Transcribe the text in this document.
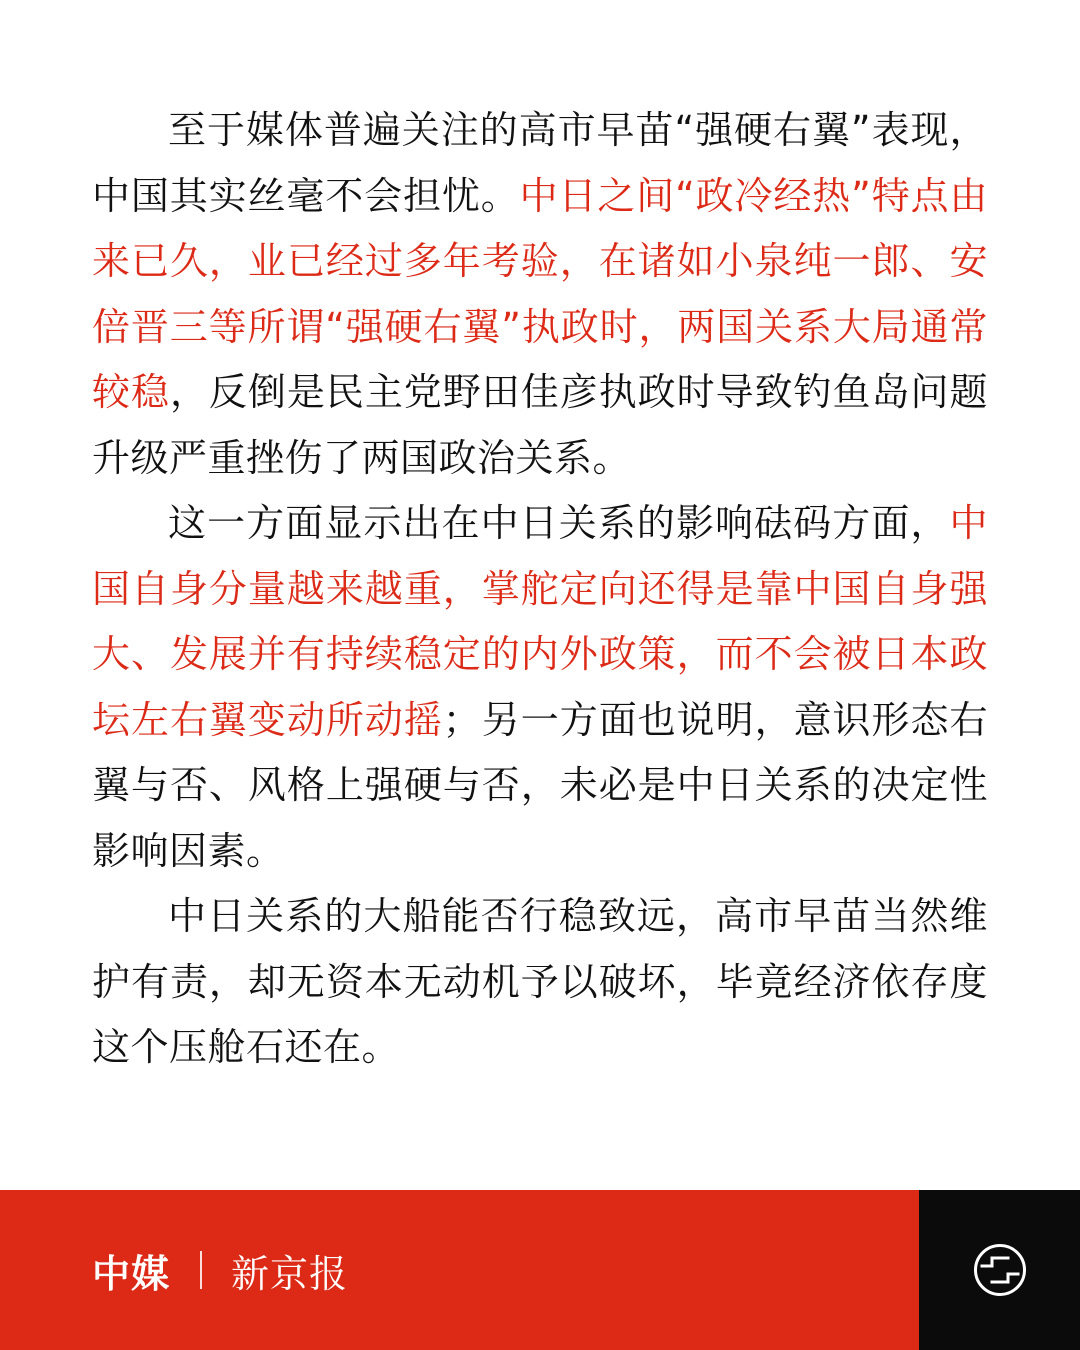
至于媒体普遍关注的高市早苗“强硬右翼”表现，中国其实丝毫不会担忧。中日之间“政冷经热”特点由来已久，业已经过多年考验，在诸如小泉纯一郎、安倍晋三等所谓“强硬右翼”执政时，两国关系大局通常较稳，反倒是民主党野田佳彦执政时导致钓鱼岛问题升级严重挫伤了两国政治关系。

这一方面显示出在中日关系的影响砝码方面，中国自身分量越来越重，掌舵定向还得是靠中国自身强大、发展并有持续稳定的内外政策，而不会被日本政坛左右翼变动所动摇；另一方面也说明，意识形态右翼与否、风格上强硬与否，未必是中日关系的决定性影响因素。

中日关系的大船能否行稳致远，高市早苗当然维护有责，却无资本无动机予以破坏，毕竟经济依存度这个压舱石还在。

中媒 新京报
